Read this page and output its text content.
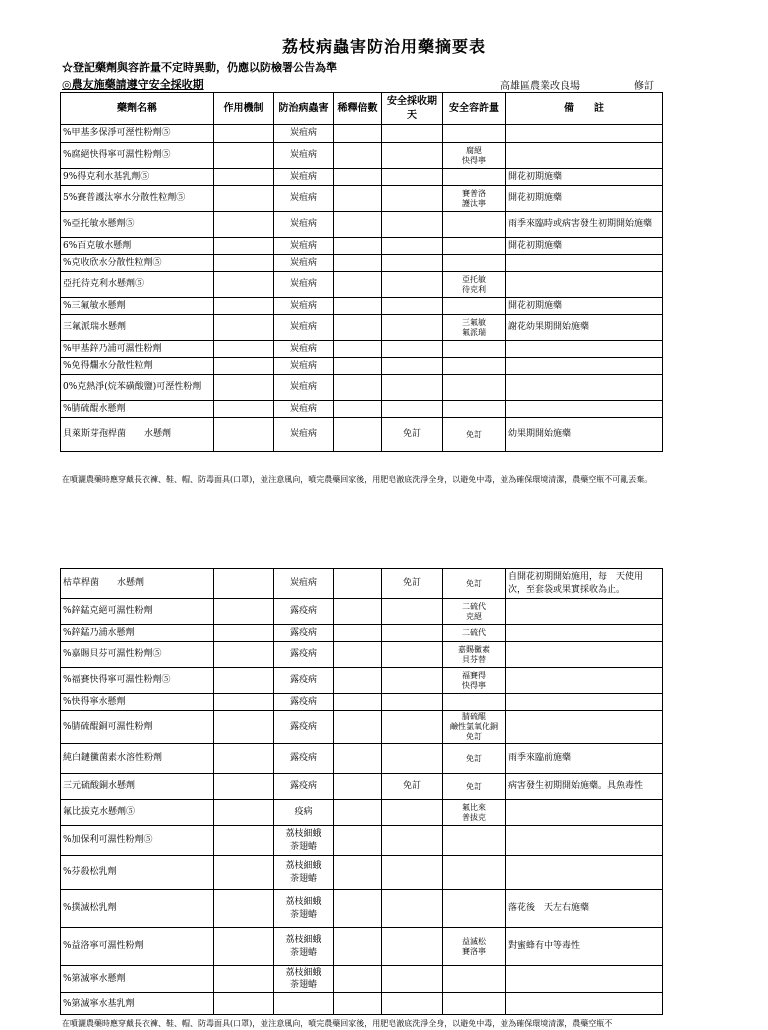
荔枝病蟲害防治用藥摘要表
☆登記藥劑與容許量不定時異動，仍應以防檢署公告為準
◎農友施藥請遵守安全採收期	高雄區農業改良場	修訂
藥劑名稱	作用機制	防治病蟲害	稀釋倍數	安全採收期 天	安全容許量	備　　註
%甲基多保淨可溼性粉劑⑤		炭疽病				
%腐絕快得寧可濕性粉劑⑤		炭疽病			腐絕
快得寧	
9%得克利水基乳劑⑤		炭疽病				開花初期施藥
5%賽普護汰寧水分散性粒劑⑤		炭疽病			賽普洛
護汰寧	開花初期施藥
%亞托敏水懸劑⑤		炭疽病				雨季來臨時或病害發生初期開始施藥
6%百克敏水懸劑		炭疽病				開花初期施藥
%克收欣水分散性粒劑⑤		炭疽病				
亞托待克利水懸劑⑤		炭疽病			亞托敏
待克利	
%三氟敏水懸劑		炭疽病				開花初期施藥
三氟派瑞水懸劑		炭疽病			三氟敏
氟派瑞	謝花幼果期開始施藥
%甲基鋅乃浦可濕性粉劑		炭疽病				
%免得爛水分散性粒劑		炭疽病				
0%克熱淨(烷苯磺酸鹽)可溼性粉劑		炭疽病				
%腈硫醌水懸劑		炭疽病				
貝萊斯芽孢桿菌　　水懸劑		炭疽病		免訂	免訂	幼果期開始施藥
在噴灑農藥時應穿戴長衣褲、鞋、帽、防毒面具(口罩)，並注意風向，噴完農藥回家後，用肥皂澈底洗淨全身，以避免中毒，並為確保環境清潔，農藥空瓶不可亂丟棄。
枯草桿菌　　水懸劑		炭疽病		免訂	免訂	自開花初期開始施用，每　天使用　次，至套袋或果實採收為止。
%鋅錳克絕可濕性粉劑		露疫病			二硫代
克絕	
%鋅錳乃浦水懸劑		露疫病			二硫代	
%嘉賜貝芬可濕性粉劑⑤		露疫病			嘉賜黴素
貝芬替	
%福賽快得寧可濕性粉劑⑤		露疫病			福賽得
快得寧	
%快得寧水懸劑		露疫病				
%腈硫醌銅可濕性粉劑		露疫病			腈硫醌
鹼性氯氧化銅
免訂	
純白鏈黴菌素水溶性粉劑		露疫病			免訂	雨季來臨前施藥
三元硫酸銅水懸劑		露疫病		免訂	免訂	病害發生初期開始施藥。具魚毒性
氟比拔克水懸劑⑤		疫病			氟比來
普拔克	
%加保利可濕性粉劑⑤		荔枝細蛾
荼翅蝽				
%芬殺松乳劑		荔枝細蛾
荼翅蝽				
%撲滅松乳劑		荔枝細蛾
荼翅蝽				落花後　天左右施藥
%益洛寧可濕性粉劑		荔枝細蛾
荼翅蝽			益滅松
賽洛寧	對蜜蜂有中等毒性
%第滅寧水懸劑		荔枝細蛾
荼翅蝽				
%第滅寧水基乳劑						
在噴灑農藥時應穿戴長衣褲、鞋、帽、防毒面具(口罩)，並注意風向，噴完農藥回家後，用肥皂澈底洗淨全身，以避免中毒，並為確保環境清潔，農藥空瓶不
